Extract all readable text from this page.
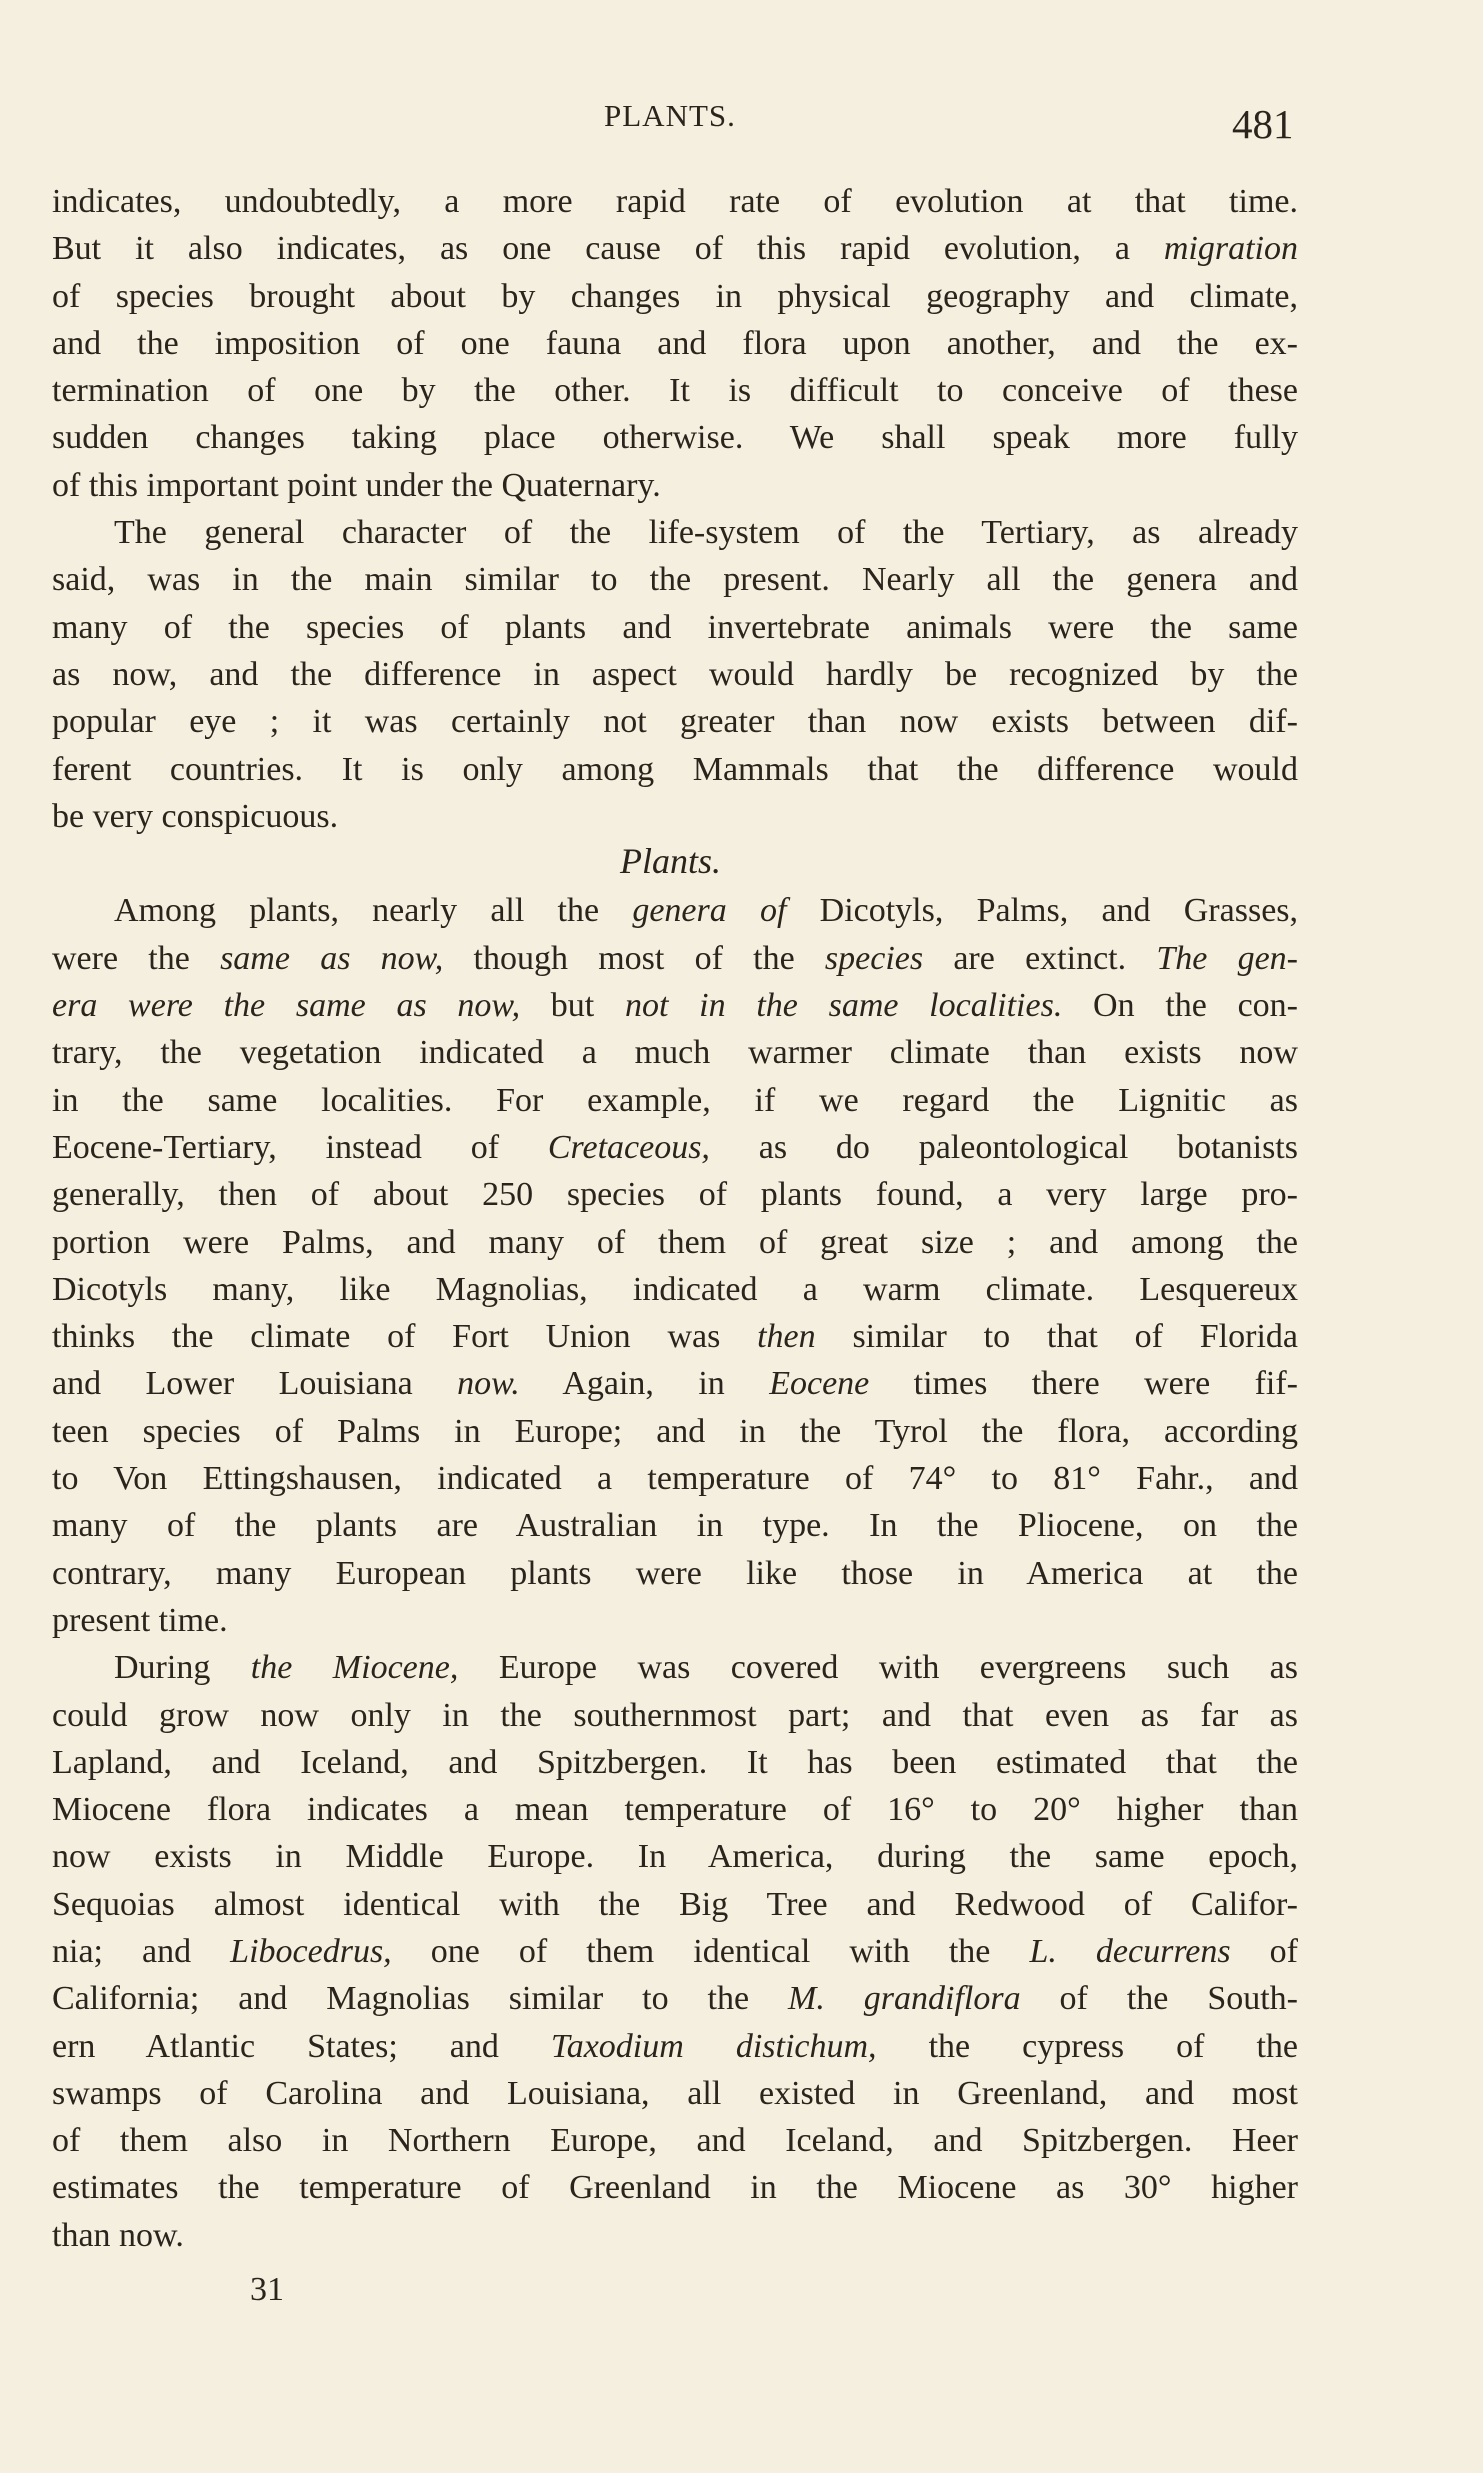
PLANTS.	481
indicates, undoubtedly, a more rapid rate of evolution at that time.
But it also indicates, as one cause of this rapid evolution, a migration
of species brought about by changes in physical geography and climate,
and the imposition of one fauna and flora upon another, and the ex-
termination of one by the other. It is difficult to conceive of these
sudden changes taking place otherwise. We shall speak more fully
of this important point under the Quaternary.
The general character of the life-system of the Tertiary, as already
said, was in the main similar to the present. Nearly all the genera and
many of the species of plants and invertebrate animals were the same
as now, and the difference in aspect would hardly be recognized by the
popular eye ; it was certainly not greater than now exists between dif-
ferent countries. It is only among Mammals that the difference would
be very conspicuous.

Among plants, nearly all the genera of Dicotyls, Palms, and Grasses,
were the same as now, though most of the species are extinct. The gen-
era were the same as now, but not in the same localities. On the con-
trary, the vegetation indicated a much warmer climate than exists now
in the same localities. For example, if we regard the Lignitic as
Eocene-Tertiary, instead of Cretaceous, as do paleontological botanists
generally, then of about 250 species of plants found, a very large pro-
portion were Palms, and many of them of great size ; and among the
Dicotyls many, like Magnolias, indicated a warm climate. Lesquereux
thinks the climate of Fort Union was then similar to that of Florida
and Lower Louisiana now. Again, in Eocene times there were fif-
teen species of Palms in Europe; and in the Tyrol the flora, according
to Von Ettingshausen, indicated a temperature of 74° to 81° Fahr., and
many of the plants are Australian in type. In the Pliocene, on the
contrary, many European plants were like those in America at the
present time.
During the Miocene, Europe was covered with evergreens such as
could grow now only in the southernmost part; and that even as far as
Lapland, and Iceland, and Spitzbergen. It has been estimated that the
Miocene flora indicates a mean temperature of 16° to 20° higher than
now exists in Middle Europe. In America, during the same epoch,
Sequoias almost identical with the Big Tree and Redwood of Califor-
nia; and Libocedrus, one of them identical with the L. decurrens of
California; and Magnolias similar to the M. grandiflora of the South-
ern Atlantic States; and Taxodium distichum, the cypress of the
swamps of Carolina and Louisiana, all existed in Greenland, and most
of them also in Northern Europe, and Iceland, and Spitzbergen. Heer
estimates the temperature of Greenland in the Miocene as 30° higher
than now.
Plants.
31
